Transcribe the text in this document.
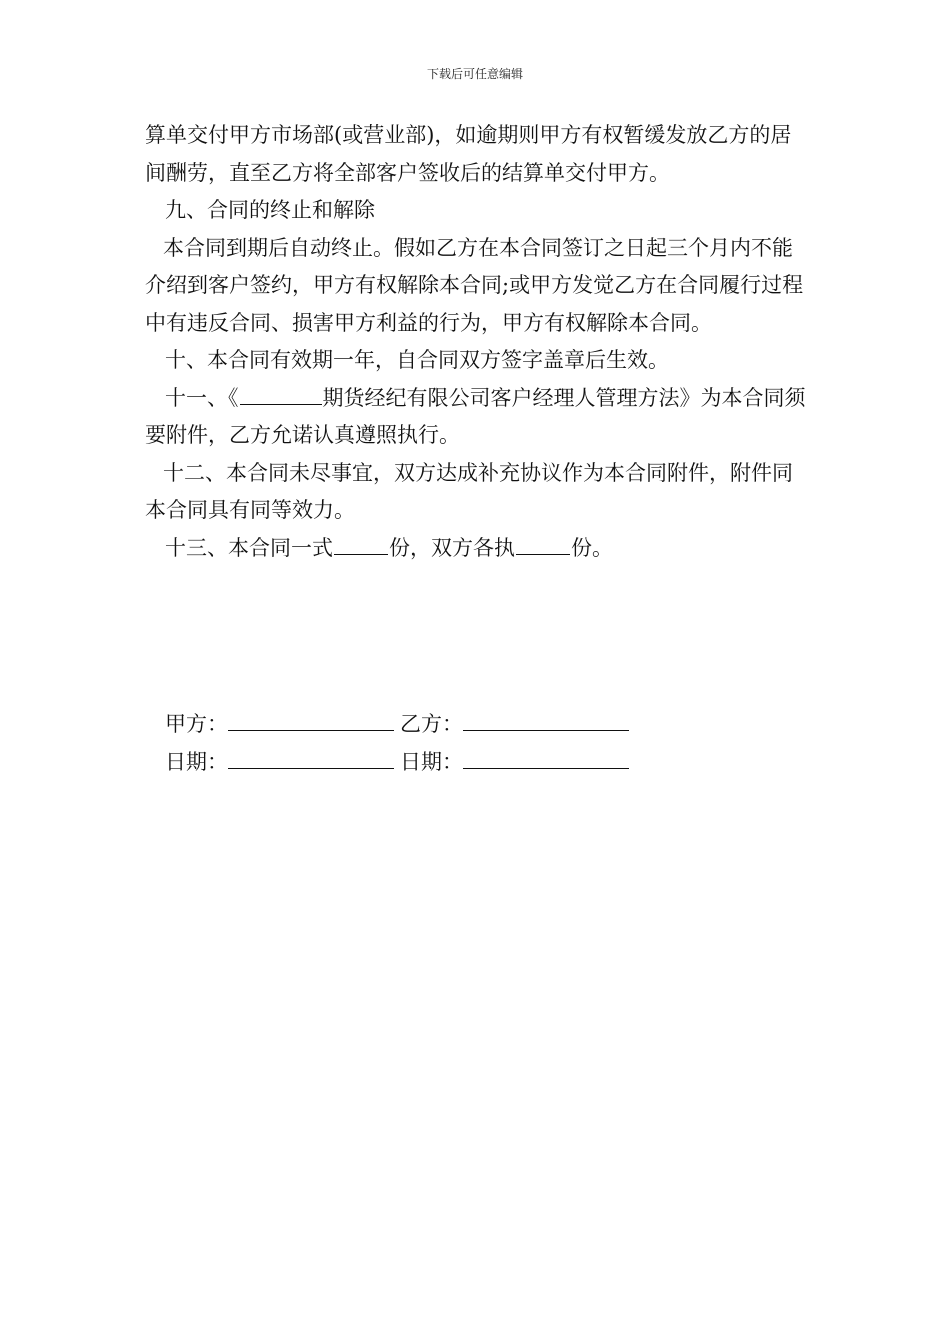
下载后可任意编辑

算单交付甲方市场部(或营业部)，如逾期则甲方有权暂缓发放乙方的居间酬劳，直至乙方将全部客户签收后的结算单交付甲方。

九、合同的终止和解除

本合同到期后自动终止。假如乙方在本合同签订之日起三个月内不能介绍到客户签约，甲方有权解除本合同;或甲方发觉乙方在合同履行过程中有违反合同、损害甲方利益的行为，甲方有权解除本合同。

十、本合同有效期一年，自合同双方签字盖章后生效。

十一、《	期货经纪有限公司客户经理人管理方法》为本合同须要附件，乙方允诺认真遵照执行。

十二、本合同未尽事宜，双方达成补充协议作为本合同附件，附件同本合同具有同等效力。

十三、本合同一式	份，双方各执	份。

甲方：	乙方：
日期：	日期：
